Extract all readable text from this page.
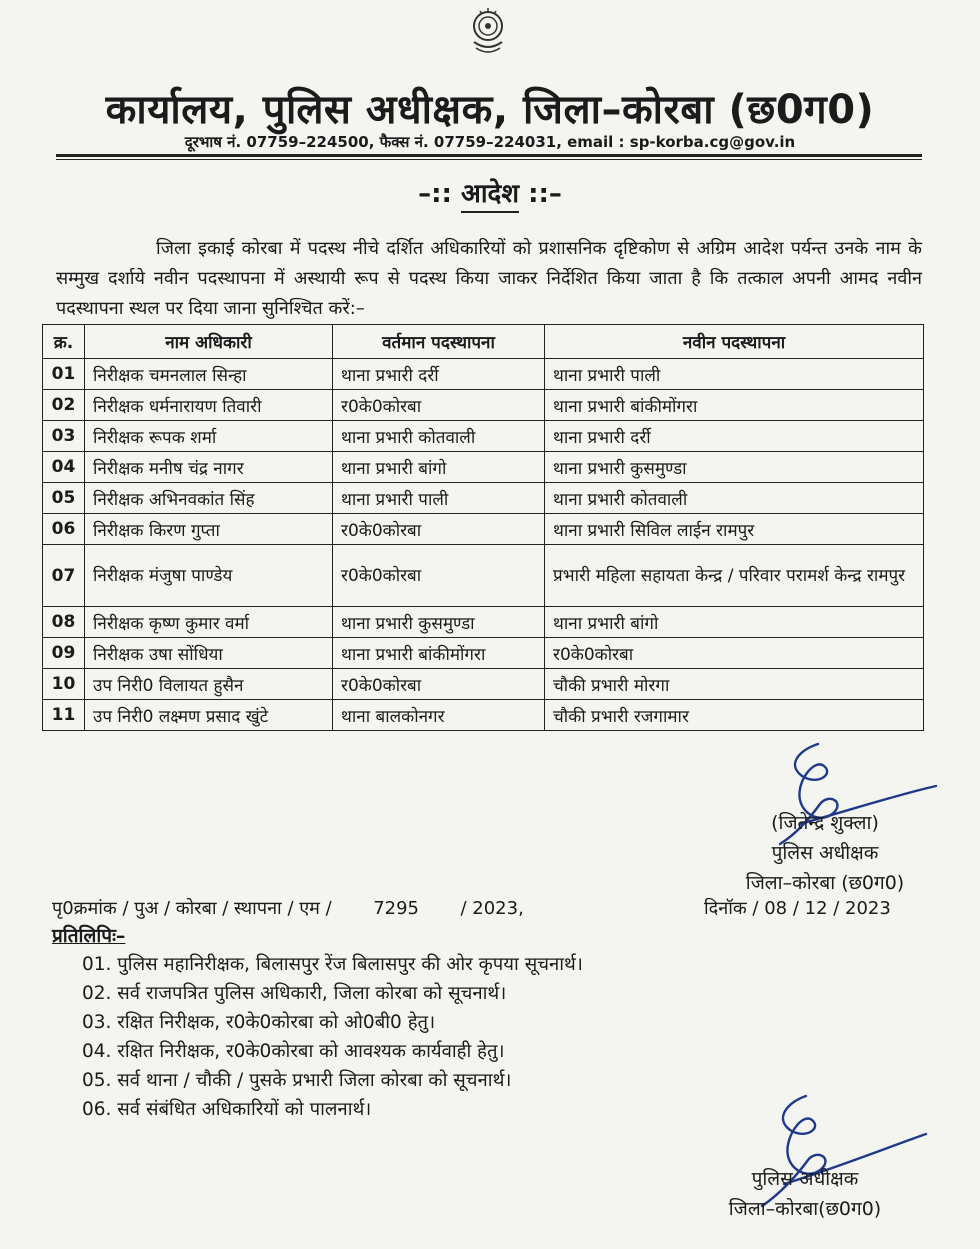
कार्यालय, पुलिस अधीक्षक, जिला–कोरबा (छ0ग0)
दूरभाष नं. 07759–224500, फैक्स नं. 07759–224031, email : sp-korba.cg@gov.in
–:: आदेश ::–

जिला इकाई कोरबा में पदस्थ नीचे दर्शित अधिकारियों को प्रशासनिक दृष्टिकोण से अग्रिम आदेश पर्यन्त उनके नाम के सम्मुख दर्शाये नवीन पदस्थापना में अस्थायी रूप से पदस्थ किया जाकर निर्देशित किया जाता है कि तत्काल अपनी आमद नवीन पदस्थापना स्थल पर दिया जाना सुनिश्चित करें:–

क्र.	नाम अधिकारी	वर्तमान पदस्थापना	नवीन पदस्थापना
01	निरीक्षक चमनलाल सिन्हा	थाना प्रभारी दर्री	थाना प्रभारी पाली
02	निरीक्षक धर्मनारायण तिवारी	र0के0कोरबा	थाना प्रभारी बांकीमोंगरा
03	निरीक्षक रूपक शर्मा	थाना प्रभारी कोतवाली	थाना प्रभारी दर्री
04	निरीक्षक मनीष चंद्र नागर	थाना प्रभारी बांगो	थाना प्रभारी कुसमुण्डा
05	निरीक्षक अभिनवकांत सिंह	थाना प्रभारी पाली	थाना प्रभारी कोतवाली
06	निरीक्षक किरण गुप्ता	र0के0कोरबा	थाना प्रभारी सिविल लाईन रामपुर
07	निरीक्षक मंजुषा पाण्डेय	र0के0कोरबा	प्रभारी महिला सहायता केन्द्र / परिवार परामर्श केन्द्र रामपुर
08	निरीक्षक कृष्ण कुमार वर्मा	थाना प्रभारी कुसमुण्डा	थाना प्रभारी बांगो
09	निरीक्षक उषा सोंधिया	थाना प्रभारी बांकीमोंगरा	र0के0कोरबा
10	उप निरी0 विलायत हुसैन	र0के0कोरबा	चौकी प्रभारी मोरगा
11	उप निरी0 लक्ष्मण प्रसाद खुंटे	थाना बालकोनगर	चौकी प्रभारी रजगामार
(जितेन्द्र शुक्ला)
पुलिस अधीक्षक
जिला–कोरबा (छ0ग0)
पृ0क्रमांक / पुअ / कोरबा / स्थापना / एम / 7295 / 2023,	दिनॉक / 08 / 12 / 2023
प्रतिलिपिः–
01. पुलिस महानिरीक्षक, बिलासपुर रेंज बिलासपुर की ओर कृपया सूचनार्थ।
02. सर्व राजपत्रित पुलिस अधिकारी, जिला कोरबा को सूचनार्थ।
03. रक्षित निरीक्षक, र0के0कोरबा को ओ0बी0 हेतु।
04. रक्षित निरीक्षक, र0के0कोरबा को आवश्यक कार्यवाही हेतु।
05. सर्व थाना / चौकी / पुसके प्रभारी जिला कोरबा को सूचनार्थ।
06. सर्व संबंधित अधिकारियों को पालनार्थ।
पुलिस अधीक्षक
जिला–कोरबा(छ0ग0)
